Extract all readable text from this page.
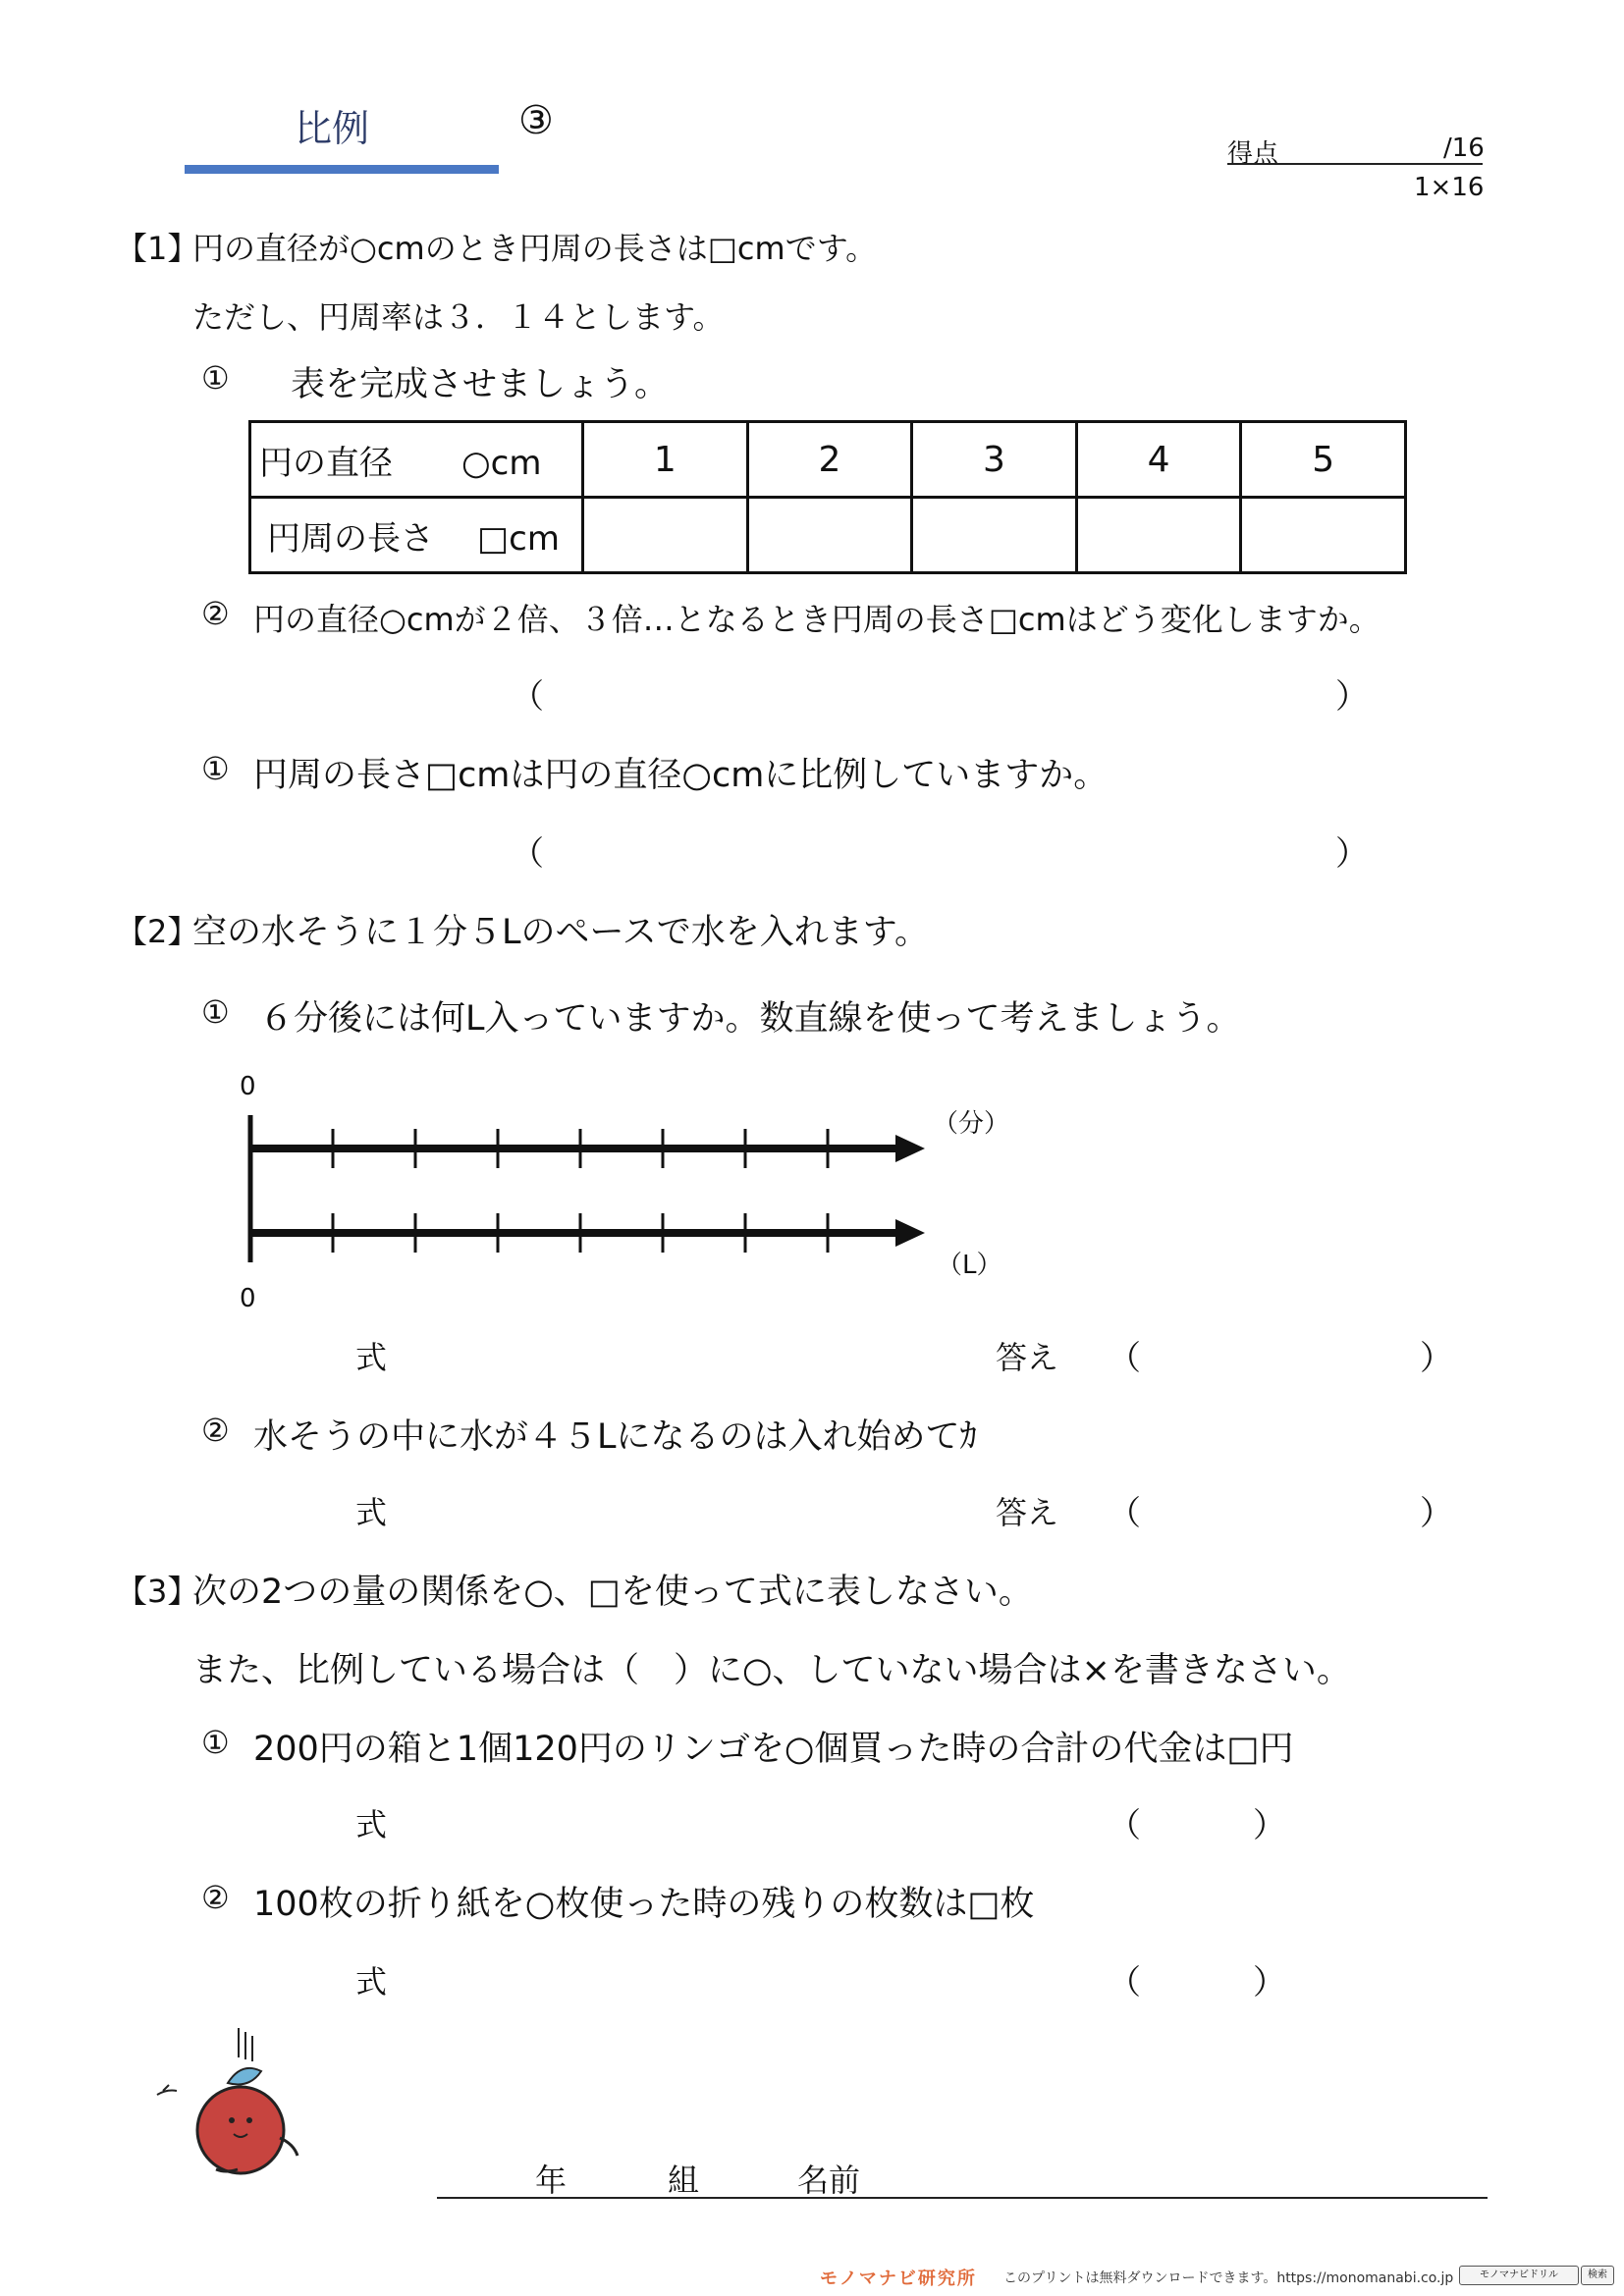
比例	③
得点	/16
1×16
【1】
円の直径が○cmのとき円周の長さは□cmです。
ただし、円周率は３．１４とします。
① 表を完成させましょう。
円の直径 ○cm	1	2	3	4	5
円周の長さ □cm					
② 円の直径○cmが２倍、３倍…となるとき円周の長さ□cmはどう変化しますか。
（	）
① 円周の長さ□cmは円の直径○cmに比例していますか。
（	）
【2】
空の水そうに１分５Lのペースで水を入れます。
① ６分後には何L入っていますか。数直線を使って考えましょう。
0
0
（分）
（L）
式	答え （	）
② 水そうの中に水が４５Lになるのは入れ始めてｶ
式	答え （	）
【3】
次の2つの量の関係を○、□を使って式に表しなさい。
また、比例している場合は（　）に○、していない場合は×を書きなさい。
① 200円の箱と1個120円のリンゴを○個買った時の合計の代金は□円
式	（	）
② 100枚の折り紙を○枚使った時の残りの枚数は□枚
式	（	）
年	組	名前
モノマナビ研究所 このプリントは無料ダウンロードできます。https://monomanabi.co.jp	モノマナビドリル	検索
